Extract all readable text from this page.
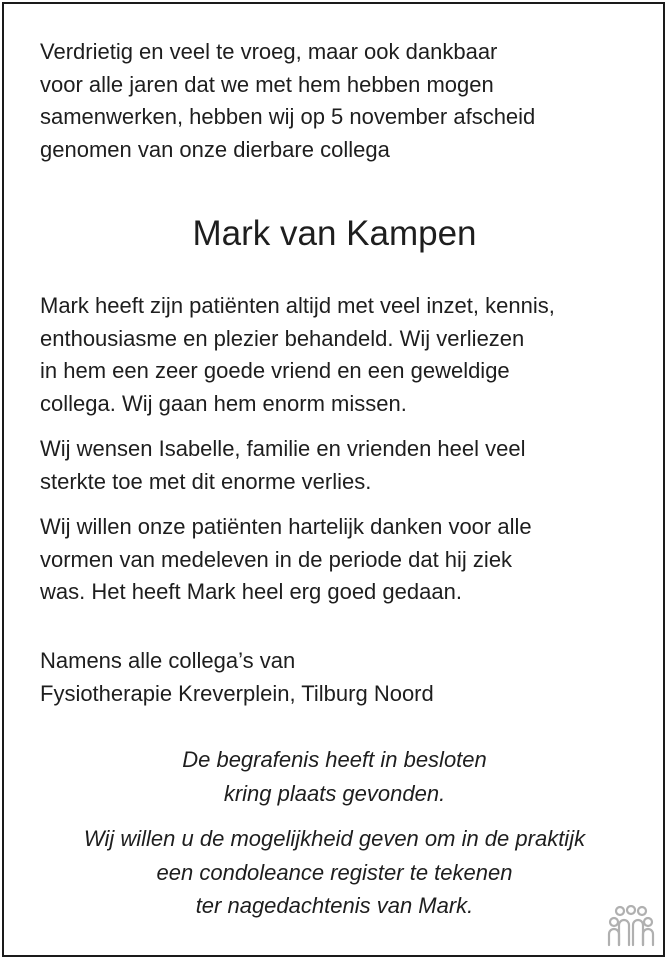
Verdrietig en veel te vroeg, maar ook dankbaar
voor alle jaren dat we met hem hebben mogen
samenwerken, hebben wij op 5 november afscheid
genomen van onze dierbare collega

Mark van Kampen

Mark heeft zijn patiënten altijd met veel inzet, kennis,
enthousiasme en plezier behandeld. Wij verliezen
in hem een zeer goede vriend en een geweldige
collega. Wij gaan hem enorm missen.

Wij wensen Isabelle, familie en vrienden heel veel
sterkte toe met dit enorme verlies.

Wij willen onze patiënten hartelijk danken voor alle
vormen van medeleven in de periode dat hij ziek
was. Het heeft Mark heel erg goed gedaan.

Namens alle collega’s van
Fysiotherapie Kreverplein, Tilburg Noord

De begrafenis heeft in besloten
kring plaats gevonden.

Wij willen u de mogelijkheid geven om in de praktijk
een condoleance register te tekenen
ter nagedachtenis van Mark.
